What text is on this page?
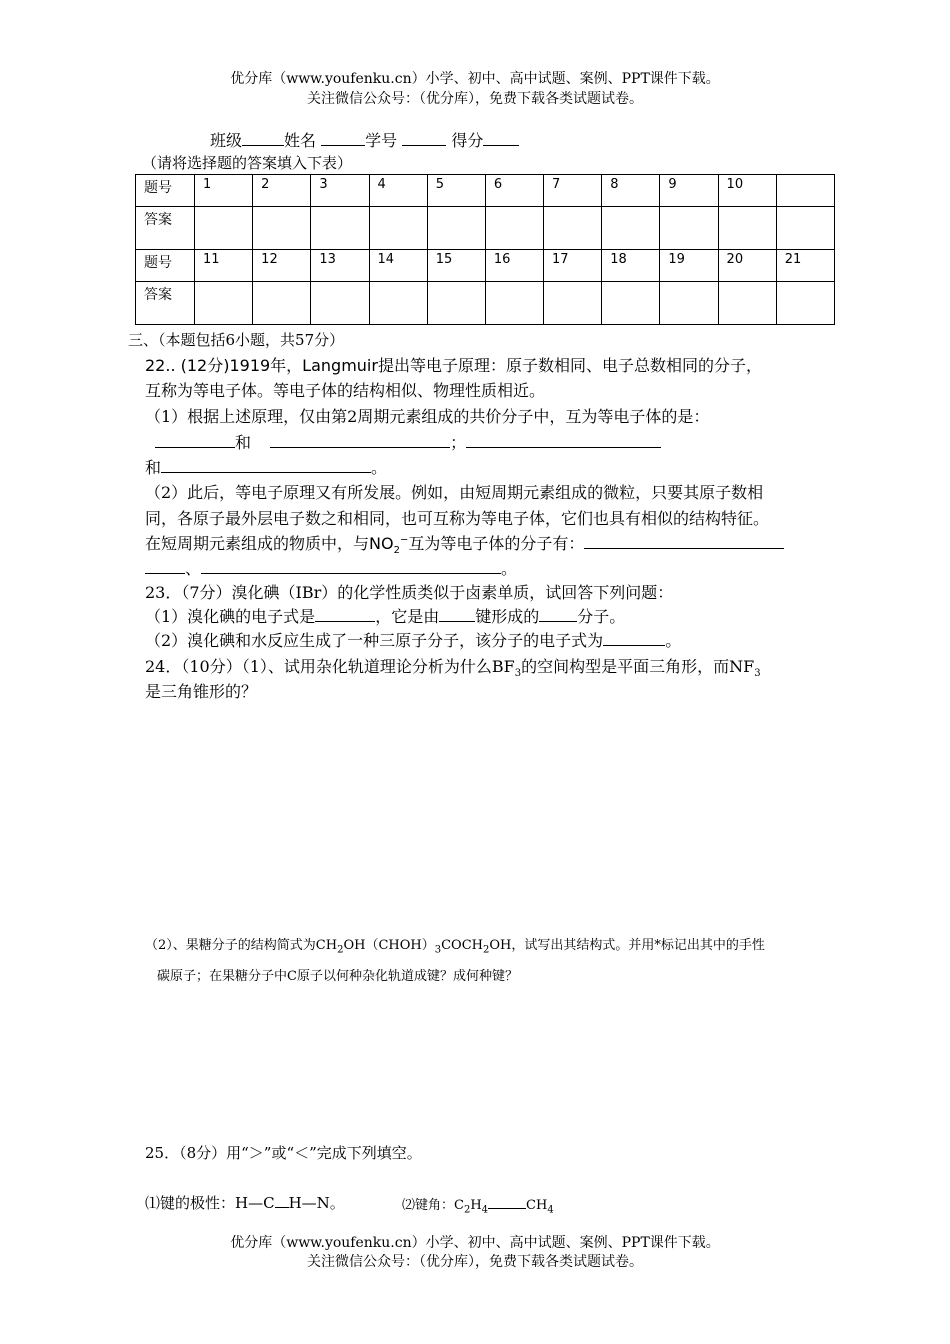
优分库（www.youfenku.cn）小学、初中、高中试题、案例、PPT课件下载。
关注微信公众号：（优分库），免费下载各类试题试卷。
班级	姓名	学号	得分
（请将选择题的答案填入下表）
题号	1	2	3	4	5	6	7	8	9	10	
答案											
题号	11	12	13	14	15	16	17	18	19	20	21
答案											
三、（本题包括6小题，共57分）
22.. (12分)1919年，Langmuir提出等电子原理：原子数相同、电子总数相同的分子，
互称为等电子体。等电子体的结构相似、物理性质相近。
（1）根据上述原理，仅由第2周期元素组成的共价分子中，互为等电子体的是：
和	；
和	。
（2）此后，等电子原理又有所发展。例如，由短周期元素组成的微粒，只要其原子数相
同，各原子最外层电子数之和相同，也可互称为等电子体，它们也具有相似的结构特征。
在短周期元素组成的物质中，与$NO_2^-$互为等电子体的分子有：
、	。
23．（7分）溴化碘（IBr）的化学性质类似于卤素单质，试回答下列问题：
（1）溴化碘的电子式是	，它是由 键形成的 分子。
（2）溴化碘和水反应生成了一种三原子分子，该分子的电子式为	。
24．（10分）（1）、试用杂化轨道理论分析为什么$BF_3$的空间构型是平面三角形，而$NF_3$
是三角锥形的？
（2）、果糖分子的结构简式为$CH_2OH(CHOH)_3COCH_2OH$，试写出其结构式。并用*标记出其中的手性
碳原子；在果糖分子中C原子以何种杂化轨道成键？成何种键？
25．（8分）用“＞”或“＜”完成下列填空。
⑴键的极性：H—C H—N。	⑵键角：$C_2H_4$	$CH_4$
优分库（www.youfenku.cn）小学、初中、高中试题、案例、PPT课件下载。
关注微信公众号：（优分库），免费下载各类试题试卷。
